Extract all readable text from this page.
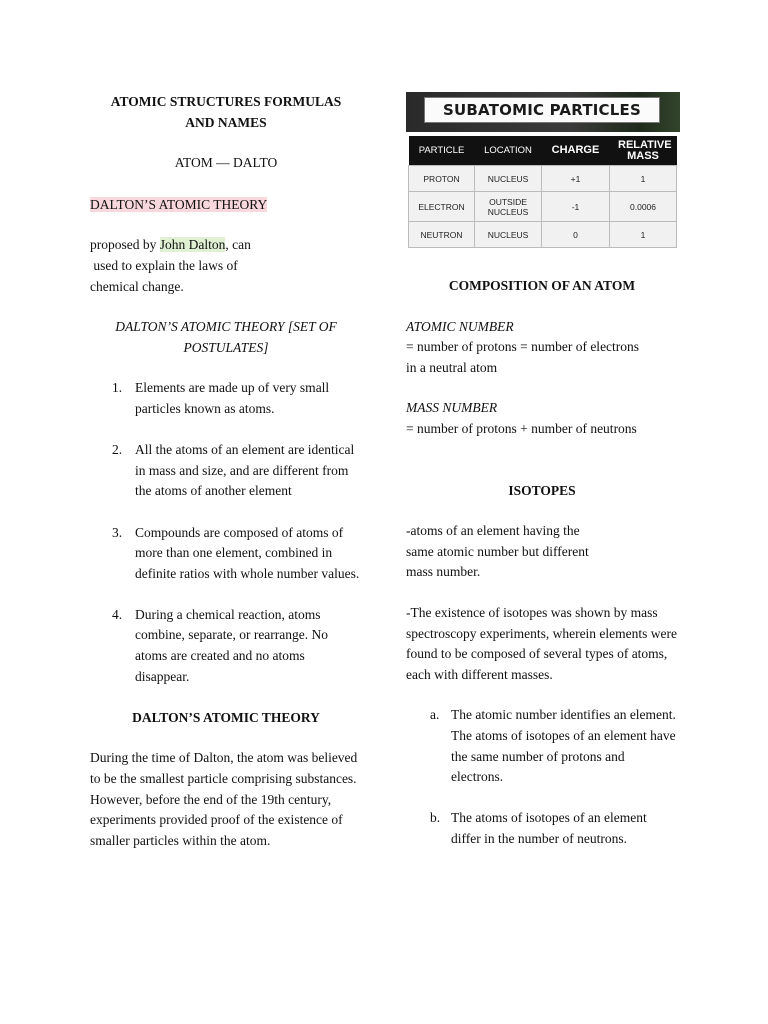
ATOMIC STRUCTURES FORMULAS
AND NAMES

ATOM — DALTO

DALTON’S ATOMIC THEORY

proposed by John Dalton, can
used to explain the laws of
chemical change.

DALTON’S ATOMIC THEORY [SET OF
POSTULATES]

1. Elements are made up of very small particles known as atoms.
2. All the atoms of an element are identical in mass and size, and are different from the atoms of another element
3. Compounds are composed of atoms of more than one element, combined in definite ratios with whole number values.
4. During a chemical reaction, atoms combine, separate, or rearrange. No atoms are created and no atoms disappear.

DALTON’S ATOMIC THEORY

During the time of Dalton, the atom was believed to be the smallest particle comprising substances. However, before the end of the 19th century, experiments provided proof of the existence of smaller particles within the atom.

SUBATOMIC PARTICLES
PARTICLE	LOCATION	CHARGE	RELATIVE MASS
PROTON	NUCLEUS	+1	1
ELECTRON	OUTSIDE NUCLEUS	-1	0.0006
NEUTRON	NUCLEUS	0	1

COMPOSITION OF AN ATOM

ATOMIC NUMBER

= number of protons = number of electrons
in a neutral atom

MASS NUMBER

= number of protons + number of neutrons

ISOTOPES

-atoms of an element having the
same atomic number but different
mass number.

-The existence of isotopes was shown by mass spectroscopy experiments, wherein elements were found to be composed of several types of atoms, each with different masses.

a. The atomic number identifies an element. The atoms of isotopes of an element have the same number of protons and electrons.
b. The atoms of isotopes of an element differ in the number of neutrons.
